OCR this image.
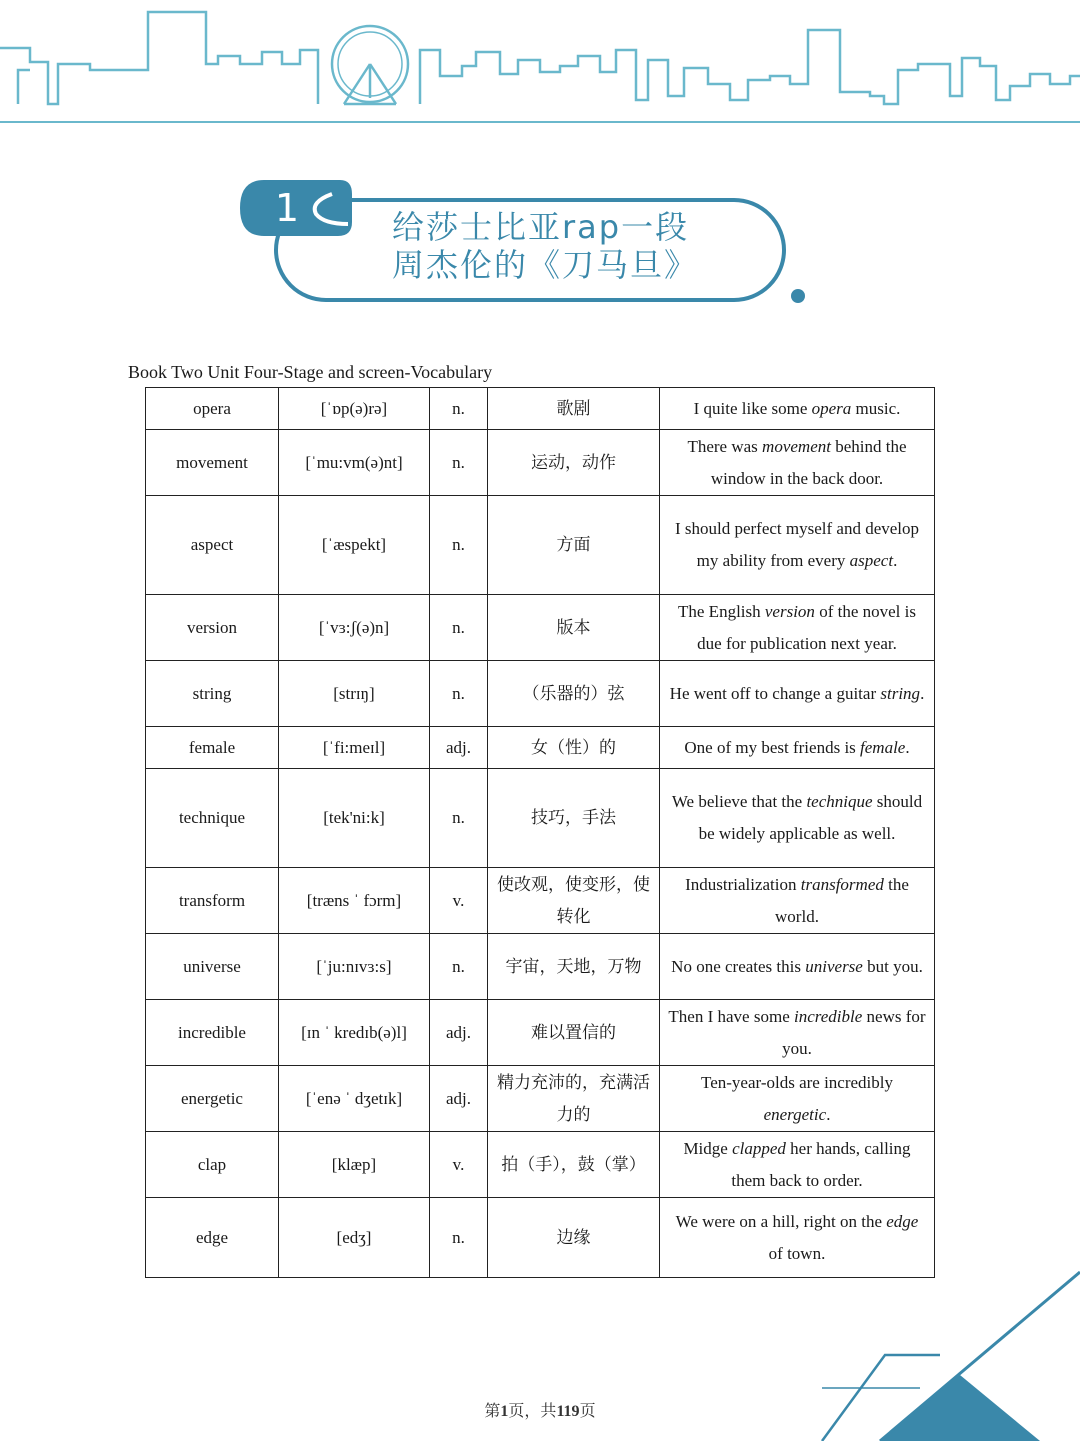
1	给莎士比亚rap一段
周杰伦的《刀马旦》
Book Two Unit Four-Stage and screen-Vocabulary
opera	[ˈɒp(ə)rə]	n.	歌剧	I quite like some opera music.
movement	[ˈmu:vm(ə)nt]	n.	运动，动作	There was movement behind the window in the back door.
aspect	[ˈæspekt]	n.	方面	I should perfect myself and develop my ability from every aspect.
version	[ˈvɜ:ʃ(ə)n]	n.	版本	The English version of the novel is due for publication next year.
string	[strɪŋ]	n.	（乐器的）弦	He went off to change a guitar string.
female	[ˈfi:meɪl]	adj.	女（性）的	One of my best friends is female.
technique	[tek'ni:k]	n.	技巧，手法	We believe that the technique should be widely applicable as well.
transform	[træns ˈ fɔrm]	v.	使改观，使变形，使转化	Industrialization transformed the world.
universe	[ˈju:nɪvɜ:s]	n.	宇宙，天地，万物	No one creates this universe but you.
incredible	[ɪn ˈ kredɪb(ə)l]	adj.	难以置信的	Then I have some incredible news for you.
energetic	[ˈenə ˈ dʒetɪk]	adj.	精力充沛的，充满活力的	Ten-year-olds are incredibly energetic.
clap	[klæp]	v.	拍（手），鼓（掌）	Midge clapped her hands, calling them back to order.
edge	[edʒ]	n.	边缘	We were on a hill, right on the edge of town.
第1页，共119页
